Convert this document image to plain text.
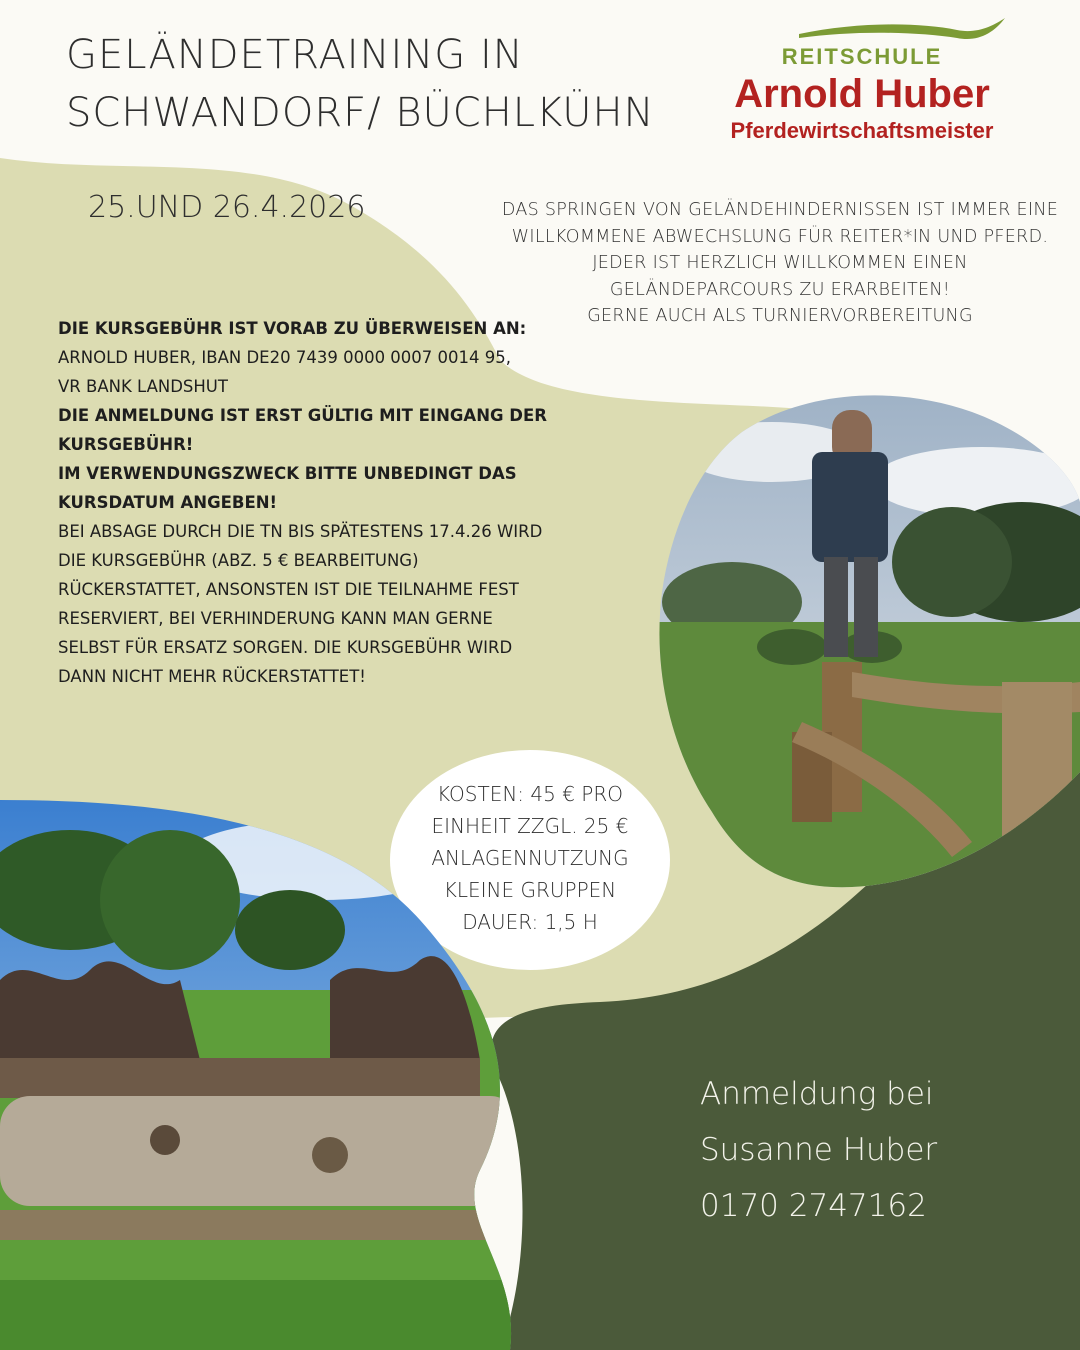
GELÄNDETRAINING IN
SCHWANDORF/ BÜCHLKÜHN
REITSCHULE
Arnold Huber
Pferdewirtschaftsmeister
25.UND 26.4.2026	DAS SPRINGEN VON GELÄNDEHINDERNISSEN IST IMMER EINE
WILLKOMMENE ABWECHSLUNG FÜR REITER*IN UND PFERD.
JEDER IST HERZLICH WILLKOMMEN EINEN
GELÄNDEPARCOURS ZU ERARBEITEN!
GERNE AUCH ALS TURNIERVORBEREITUNG
DIE KURSGEBÜHR IST VORAB ZU ÜBERWEISEN AN:
ARNOLD HUBER, IBAN DE20 7439 0000 0007 0014 95,
VR BANK LANDSHUT
DIE ANMELDUNG IST ERST GÜLTIG MIT EINGANG DER
KURSGEBÜHR!
IM VERWENDUNGSZWECK BITTE UNBEDINGT DAS
KURSDATUM ANGEBEN!
BEI ABSAGE DURCH DIE TN BIS SPÄTESTENS 17.4.26 WIRD
DIE KURSGEBÜHR (ABZ. 5 € BEARBEITUNG)
RÜCKERSTATTET, ANSONSTEN IST DIE TEILNAHME FEST
RESERVIERT, BEI VERHINDERUNG KANN MAN GERNE
SELBST FÜR ERSATZ SORGEN. DIE KURSGEBÜHR WIRD
DANN NICHT MEHR RÜCKERSTATTET!
KOSTEN: 45 € PRO
EINHEIT ZZGL. 25 €
ANLAGENNUTZUNG
KLEINE GRUPPEN
DAUER: 1,5 H
Anmeldung bei
Susanne Huber
0170 2747162
